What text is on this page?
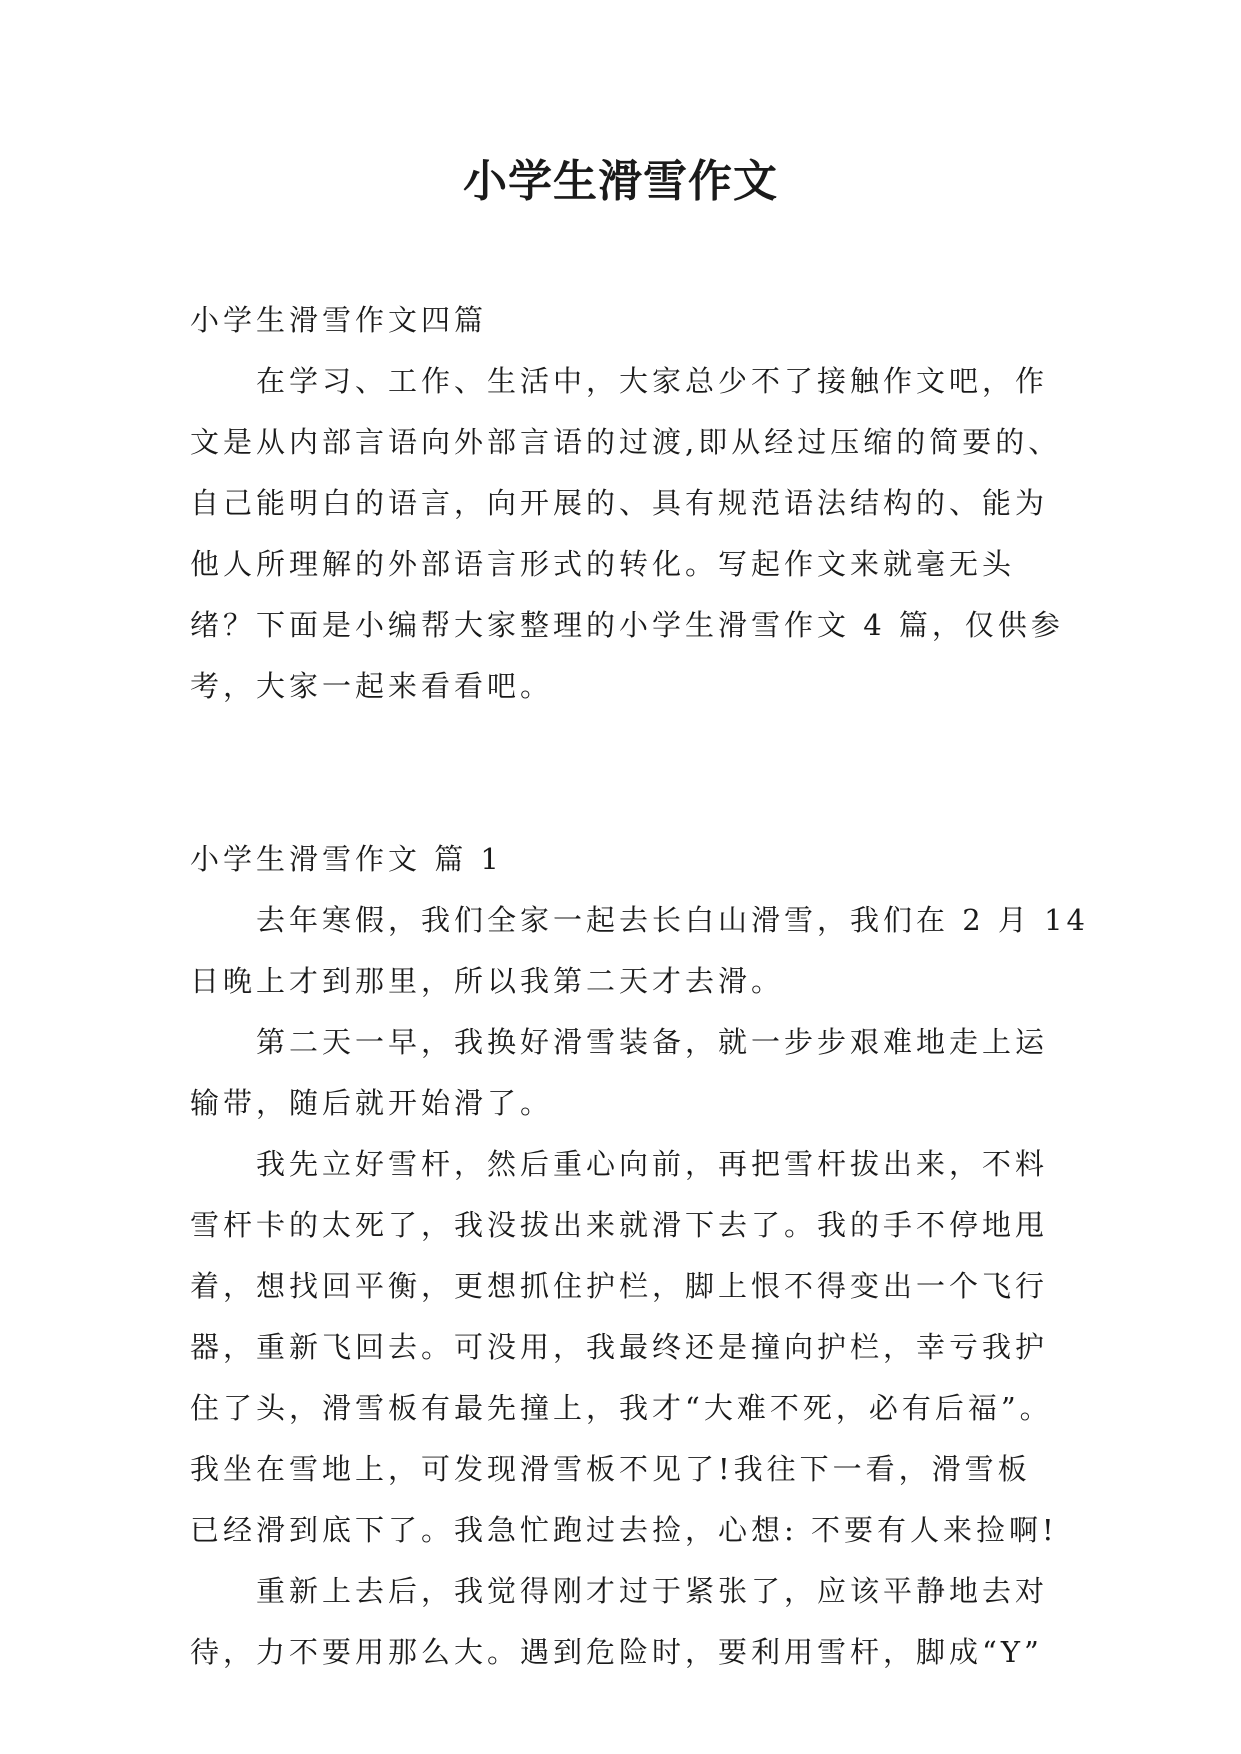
小学生滑雪作文
小学生滑雪作文四篇
在学习、工作、生活中，大家总少不了接触作文吧，作
文是从内部言语向外部言语的过渡,即从经过压缩的简要的、
自己能明白的语言，向开展的、具有规范语法结构的、能为
他人所理解的外部语言形式的转化。写起作文来就毫无头
绪？下面是小编帮大家整理的小学生滑雪作文 4 篇，仅供参
考，大家一起来看看吧。
小学生滑雪作文 篇 1
去年寒假，我们全家一起去长白山滑雪，我们在 2 月 14
日晚上才到那里，所以我第二天才去滑。
第二天一早，我换好滑雪装备，就一步步艰难地走上运
输带，随后就开始滑了。
我先立好雪杆，然后重心向前，再把雪杆拔出来，不料
雪杆卡的太死了，我没拔出来就滑下去了。我的手不停地甩
着，想找回平衡，更想抓住护栏，脚上恨不得变出一个飞行
器，重新飞回去。可没用，我最终还是撞向护栏，幸亏我护
住了头，滑雪板有最先撞上，我才“大难不死，必有后福”。
我坐在雪地上，可发现滑雪板不见了!我往下一看，滑雪板
已经滑到底下了。我急忙跑过去捡，心想: 不要有人来捡啊!
重新上去后，我觉得刚才过于紧张了，应该平静地去对
待，力不要用那么大。遇到危险时，要利用雪杆，脚成“Y”
